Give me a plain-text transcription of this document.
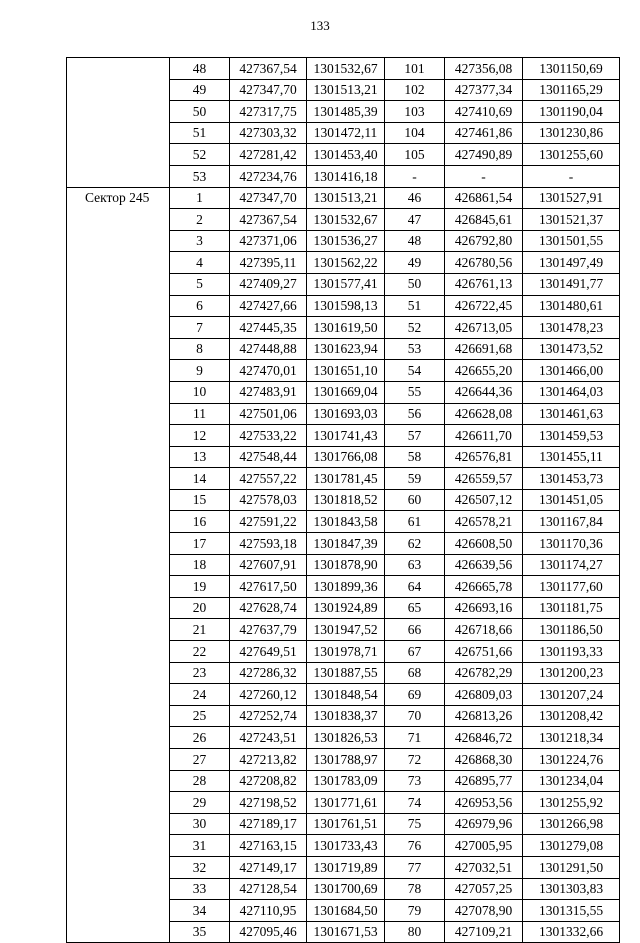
133
	48	427367,54	1301532,67	101	427356,08	1301150,69
	49	427347,70	1301513,21	102	427377,34	1301165,29
	50	427317,75	1301485,39	103	427410,69	1301190,04
	51	427303,32	1301472,11	104	427461,86	1301230,86
	52	427281,42	1301453,40	105	427490,89	1301255,60
	53	427234,76	1301416,18	-	-	-
Сектор 245	1	427347,70	1301513,21	46	426861,54	1301527,91
	2	427367,54	1301532,67	47	426845,61	1301521,37
	3	427371,06	1301536,27	48	426792,80	1301501,55
	4	427395,11	1301562,22	49	426780,56	1301497,49
	5	427409,27	1301577,41	50	426761,13	1301491,77
	6	427427,66	1301598,13	51	426722,45	1301480,61
	7	427445,35	1301619,50	52	426713,05	1301478,23
	8	427448,88	1301623,94	53	426691,68	1301473,52
	9	427470,01	1301651,10	54	426655,20	1301466,00
	10	427483,91	1301669,04	55	426644,36	1301464,03
	11	427501,06	1301693,03	56	426628,08	1301461,63
	12	427533,22	1301741,43	57	426611,70	1301459,53
	13	427548,44	1301766,08	58	426576,81	1301455,11
	14	427557,22	1301781,45	59	426559,57	1301453,73
	15	427578,03	1301818,52	60	426507,12	1301451,05
	16	427591,22	1301843,58	61	426578,21	1301167,84
	17	427593,18	1301847,39	62	426608,50	1301170,36
	18	427607,91	1301878,90	63	426639,56	1301174,27
	19	427617,50	1301899,36	64	426665,78	1301177,60
	20	427628,74	1301924,89	65	426693,16	1301181,75
	21	427637,79	1301947,52	66	426718,66	1301186,50
	22	427649,51	1301978,71	67	426751,66	1301193,33
	23	427286,32	1301887,55	68	426782,29	1301200,23
	24	427260,12	1301848,54	69	426809,03	1301207,24
	25	427252,74	1301838,37	70	426813,26	1301208,42
	26	427243,51	1301826,53	71	426846,72	1301218,34
	27	427213,82	1301788,97	72	426868,30	1301224,76
	28	427208,82	1301783,09	73	426895,77	1301234,04
	29	427198,52	1301771,61	74	426953,56	1301255,92
	30	427189,17	1301761,51	75	426979,96	1301266,98
	31	427163,15	1301733,43	76	427005,95	1301279,08
	32	427149,17	1301719,89	77	427032,51	1301291,50
	33	427128,54	1301700,69	78	427057,25	1301303,83
	34	427110,95	1301684,50	79	427078,90	1301315,55
	35	427095,46	1301671,53	80	427109,21	1301332,66
